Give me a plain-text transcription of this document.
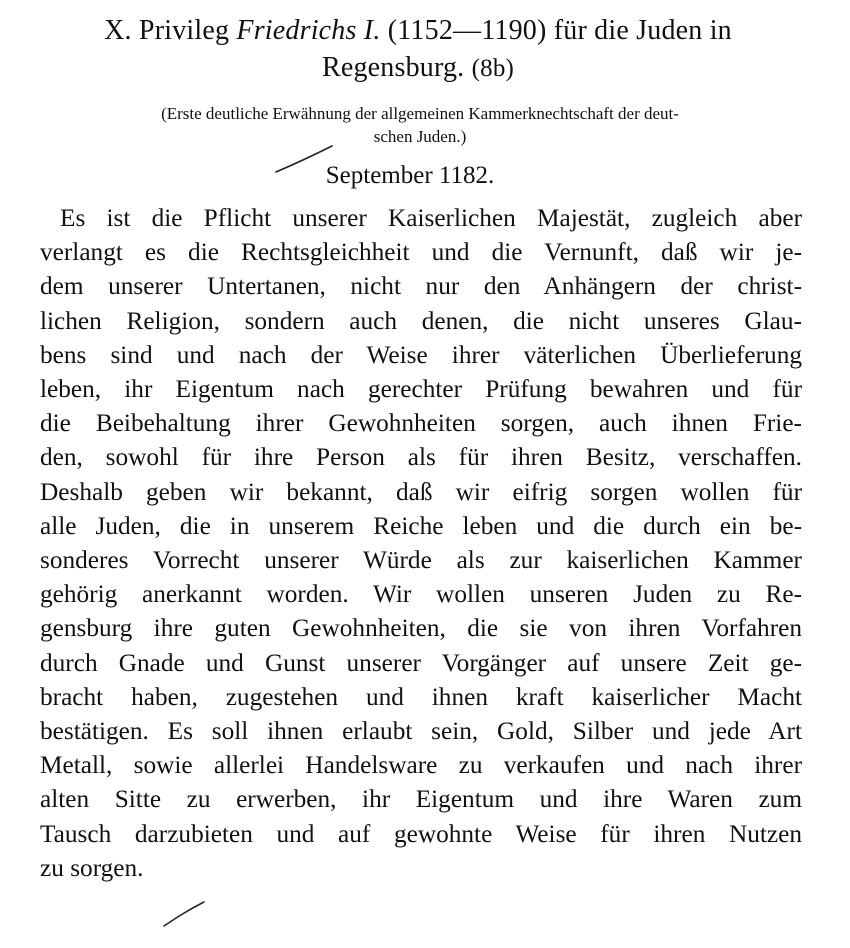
X. Privileg Friedrichs I. (1152—1190) für die Juden in
Regensburg. (8b)
(Erste deutliche Erwähnung der allgemeinen Kammerknechtschaft der deut-
schen Juden.)
September 1182.
Es ist die Pflicht unserer Kaiserlichen Majestät, zugleich aber
verlangt es die Rechtsgleichheit und die Vernunft, daß wir je-
dem unserer Untertanen, nicht nur den Anhängern der christ-
lichen Religion, sondern auch denen, die nicht unseres Glau-
bens sind und nach der Weise ihrer väterlichen Überlieferung
leben, ihr Eigentum nach gerechter Prüfung bewahren und für
die Beibehaltung ihrer Gewohnheiten sorgen, auch ihnen Frie-
den, sowohl für ihre Person als für ihren Besitz, verschaffen.
Deshalb geben wir bekannt, daß wir eifrig sorgen wollen für
alle Juden, die in unserem Reiche leben und die durch ein be-
sonderes Vorrecht unserer Würde als zur kaiserlichen Kammer
gehörig anerkannt worden. Wir wollen unseren Juden zu Re-
gensburg ihre guten Gewohnheiten, die sie von ihren Vorfahren
durch Gnade und Gunst unserer Vorgänger auf unsere Zeit ge-
bracht haben, zugestehen und ihnen kraft kaiserlicher Macht
bestätigen. Es soll ihnen erlaubt sein, Gold, Silber und jede Art
Metall, sowie allerlei Handelsware zu verkaufen und nach ihrer
alten Sitte zu erwerben, ihr Eigentum und ihre Waren zum
Tausch darzubieten und auf gewohnte Weise für ihren Nutzen
zu sorgen.
